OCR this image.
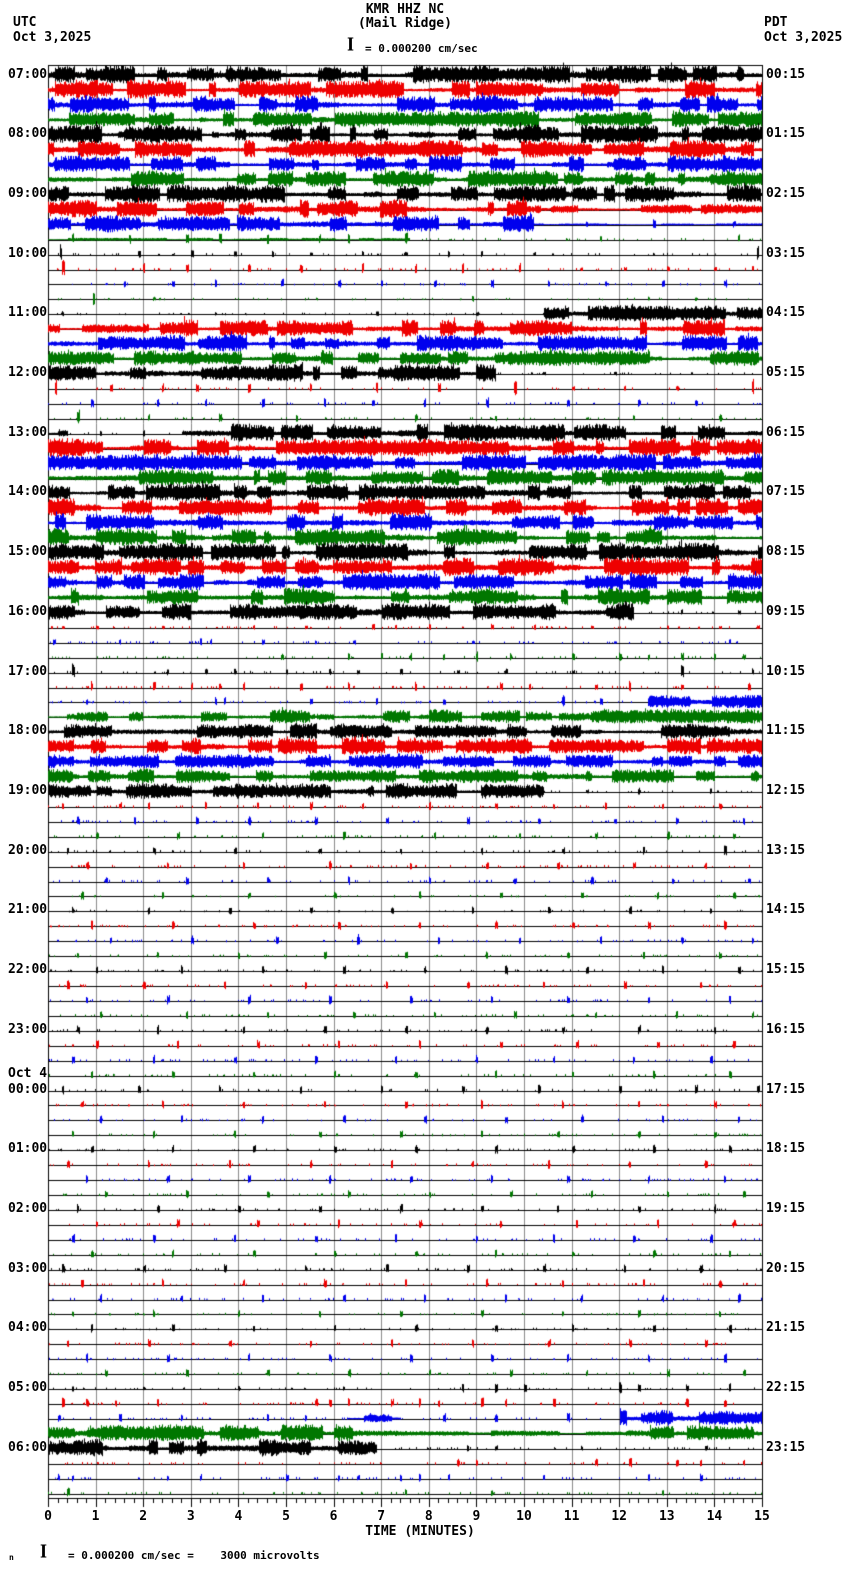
KMR HHZ NC
(Mail Ridge)
UTC
Oct 3,2025
PDT
Oct 3,2025
I = 0.000200 cm/sec
07:00
08:00
09:00
10:00
11:00
12:00
13:00
14:00
15:00
16:00
17:00
18:00
19:00
20:00
21:00
22:00
23:00
Oct 4
00:00
01:00
02:00
03:00
04:00
05:00
06:00
00:15
01:15
02:15
03:15
04:15
05:15
06:15
07:15
08:15
09:15
10:15
11:15
12:15
13:15
14:15
15:15
16:15
17:15
18:15
19:15
20:15
21:15
22:15
23:15
0	1	2	3	4	5	6	7	8	9	10	11	12	13	14	15
TIME (MINUTES)
n I = 0.000200 cm/sec =    3000 microvolts
